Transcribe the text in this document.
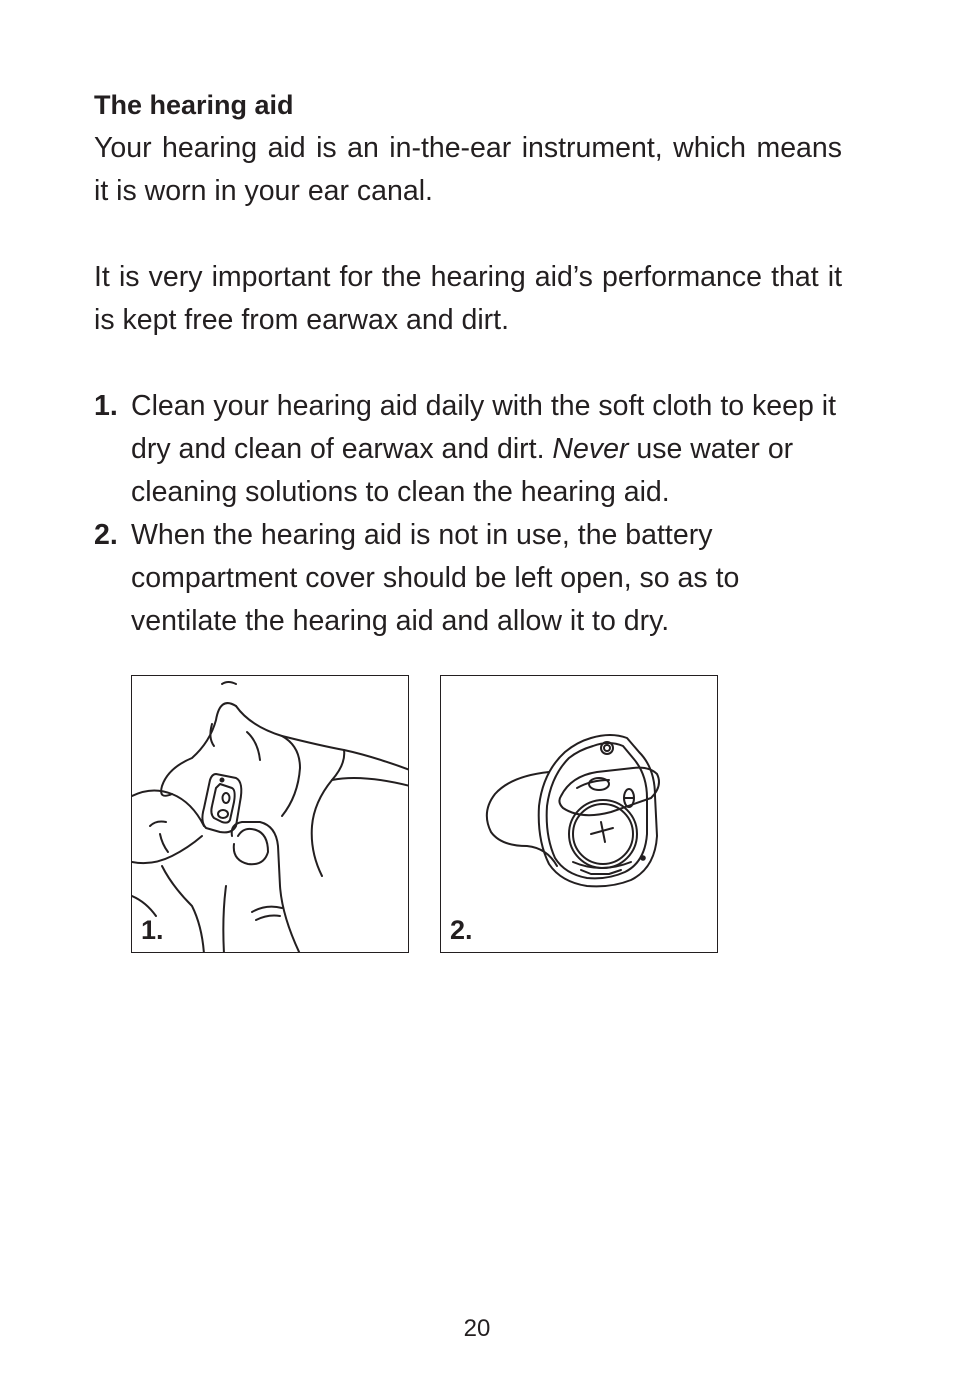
The hearing aid

Your hearing aid is an in-the-ear instrument, which means it is worn in your ear canal.

It is very important for the hearing aid’s performance that it is kept free from earwax and dirt.

1. Clean your hearing aid daily with the soft cloth to keep it dry and clean of earwax and dirt. Never use water or cleaning solutions to clean the hearing aid.
2. When the hearing aid is not in use, the battery compartment cover should be left open, so as to ventilate the hearing aid and allow it to dry.
1.	2.
20
